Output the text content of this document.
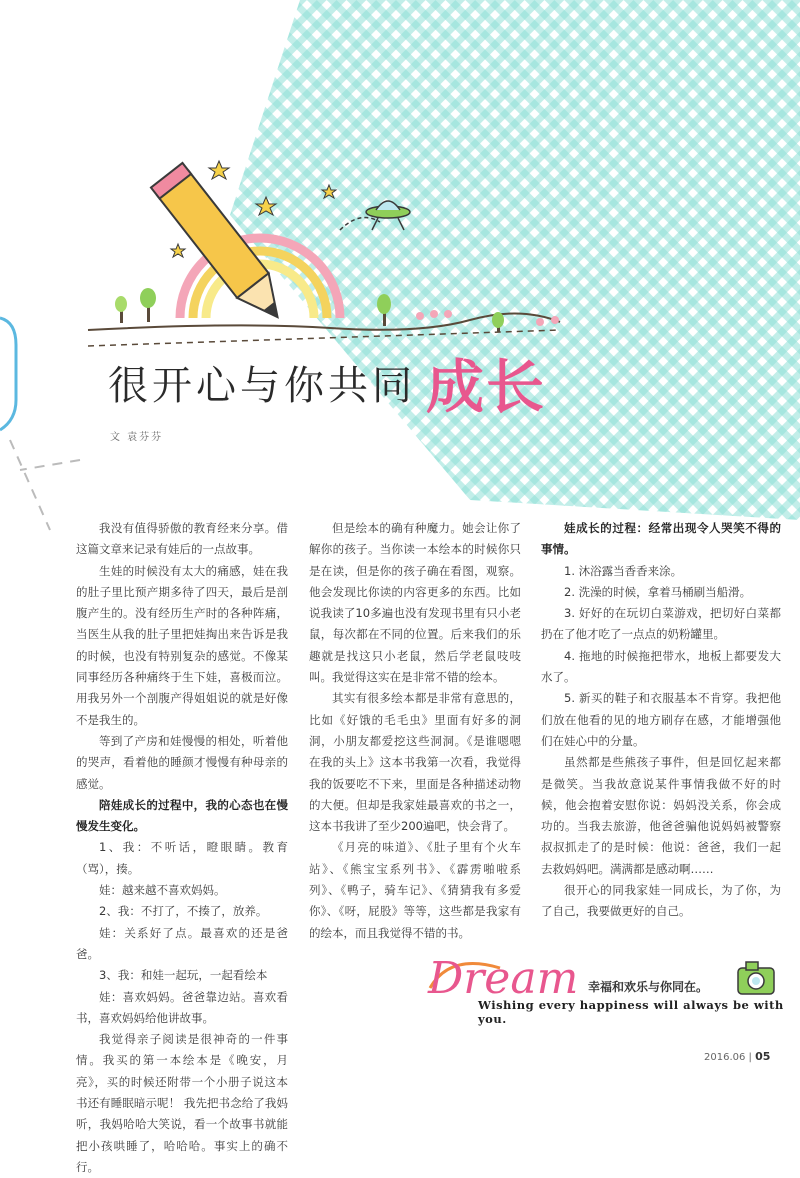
很开心与你共同 成长
文 袁芬芬

我没有值得骄傲的教育经来分享。借这篇文章来记录有娃后的一点故事。

生娃的时候没有太大的痛感，娃在我的肚子里比预产期多待了四天，最后是剖腹产生的。没有经历生产时的各种阵痛，当医生从我的肚子里把娃掏出来告诉是我的时候，也没有特别复杂的感觉。不像某同事经历各种痛终于生下娃，喜极而泣。用我另外一个剖腹产得姐姐说的就是好像不是我生的。

等到了产房和娃慢慢的相处，听着他的哭声，看着他的睡颜才慢慢有种母亲的感觉。

陪娃成长的过程中，我的心态也在慢慢发生变化。

1、我：不听话，瞪眼睛。教育（骂），揍。

娃：越来越不喜欢妈妈。

2、我：不打了，不揍了，放养。

娃：关系好了点。最喜欢的还是爸爸。

3、我：和娃一起玩，一起看绘本

娃：喜欢妈妈。爸爸靠边站。喜欢看书，喜欢妈妈给他讲故事。

我觉得亲子阅读是很神奇的一件事情。我买的第一本绘本是《晚安，月亮》，买的时候还附带一个小册子说这本书还有睡眠暗示呢！ 我先把书念给了我妈听，我妈哈哈大笑说，看一个故事书就能把小孩哄睡了，哈哈哈。事实上的确不行。

但是绘本的确有种魔力。她会让你了解你的孩子。当你读一本绘本的时候你只是在读，但是你的孩子确在看图，观察。他会发现比你读的内容更多的东西。比如说我读了10多遍也没有发现书里有只小老鼠，每次都在不同的位置。后来我们的乐趣就是找这只小老鼠，然后学老鼠吱吱叫。我觉得这实在是非常不错的绘本。

其实有很多绘本都是非常有意思的，比如《好饿的毛毛虫》里面有好多的洞洞，小朋友都爱挖这些洞洞。《是谁嗯嗯在我的头上》这本书我第一次看，我觉得我的饭要吃不下来，里面是各种描述动物的大便。但却是我家娃最喜欢的书之一，这本书我讲了至少200遍吧，快会背了。

《月亮的味道》、《肚子里有个火车站》、《熊宝宝系列书》、《霹雳啪啦系列》、《鸭子，骑车记》、《猜猜我有多爱你》、《呀，屁股》等等，这些都是我家有的绘本，而且我觉得不错的书。

娃成长的过程：经常出现令人哭笑不得的事情。

1. 沐浴露当香香来涂。

2. 洗澡的时候，拿着马桶刷当船滑。

3. 好好的在玩切白菜游戏，把切好白菜都扔在了他才吃了一点点的奶粉罐里。

4. 拖地的时候拖把带水，地板上都要发大水了。

5. 新买的鞋子和衣服基本不肯穿。我把他们放在他看的见的地方刷存在感，才能增强他们在娃心中的分量。

虽然都是些熊孩子事件，但是回忆起来都是微笑。当我故意说某件事情我做不好的时候，他会抱着安慰你说：妈妈没关系，你会成功的。当我去旅游，他爸爸骗他说妈妈被警察叔叔抓走了的是时候：他说：爸爸，我们一起去救妈妈吧。满满都是感动啊……

很开心的同我家娃一同成长，为了你，为了自己，我要做更好的自己。

Dream 幸福和欢乐与你同在。
Wishing every happiness will always be with you.
2016.06 | 05
